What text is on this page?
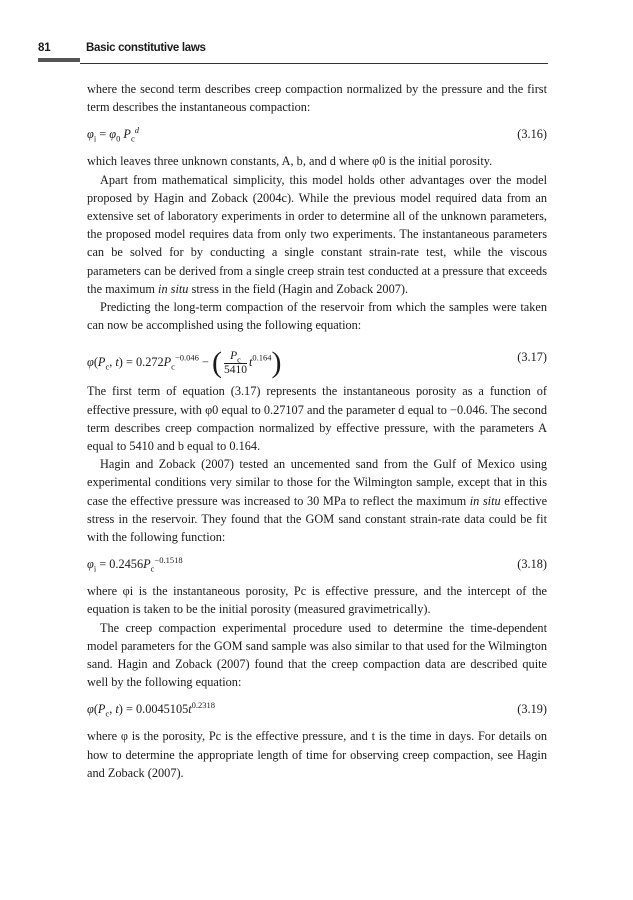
81	Basic constitutive laws

where the second term describes creep compaction normalized by the pressure and the first term describes the instantaneous compaction:

$\varphi_i = \varphi_0$ $P_c^d$	(3.16)

which leaves three unknown constants, A, b, and d where φ0 is the initial porosity.

Apart from mathematical simplicity, this model holds other advantages over the model proposed by Hagin and Zoback (2004c). While the previous model required data from an extensive set of laboratory experiments in order to determine all of the unknown parameters, the proposed model requires data from only two experiments. The instantaneous parameters can be solved for by conducting a single constant strain-rate test, while the viscous parameters can be derived from a single creep strain test conducted at a pressure that exceeds the maximum in situ stress in the field (Hagin and Zoback 2007).

Predicting the long-term compaction of the reservoir from which the samples were taken can now be accomplished using the following equation:

$\varphi(P_c$, $t) = 0.272P_c^{-0.046}$ − ( $\frac{P_c}{5410} t^{0.164}$)	(3.17)

The first term of equation (3.17) represents the instantaneous porosity as a function of effective pressure, with φ0 equal to 0.27107 and the parameter d equal to −0.046. The second term describes creep compaction normalized by effective pressure, with the parameters A equal to 5410 and b equal to 0.164.

Hagin and Zoback (2007) tested an uncemented sand from the Gulf of Mexico using experimental conditions very similar to those for the Wilmington sample, except that in this case the effective pressure was increased to 30 MPa to reflect the maximum in situ effective stress in the reservoir. They found that the GOM sand constant strain-rate data could be fit with the following function:

$\varphi_i = 0.2456P_c^{-0.1518}$	(3.18)

where φi is the instantaneous porosity, Pc is effective pressure, and the intercept of the equation is taken to be the initial porosity (measured gravimetrically).

The creep compaction experimental procedure used to determine the time-dependent model parameters for the GOM sand sample was also similar to that used for the Wilmington sand. Hagin and Zoback (2007) found that the creep compaction data are described quite well by the following equation:

$\varphi(P_c$, $t) = 0.0045105t^{0.2318}$	(3.19)

where φ is the porosity, Pc is the effective pressure, and t is the time in days. For details on how to determine the appropriate length of time for observing creep compaction, see Hagin and Zoback (2007).
